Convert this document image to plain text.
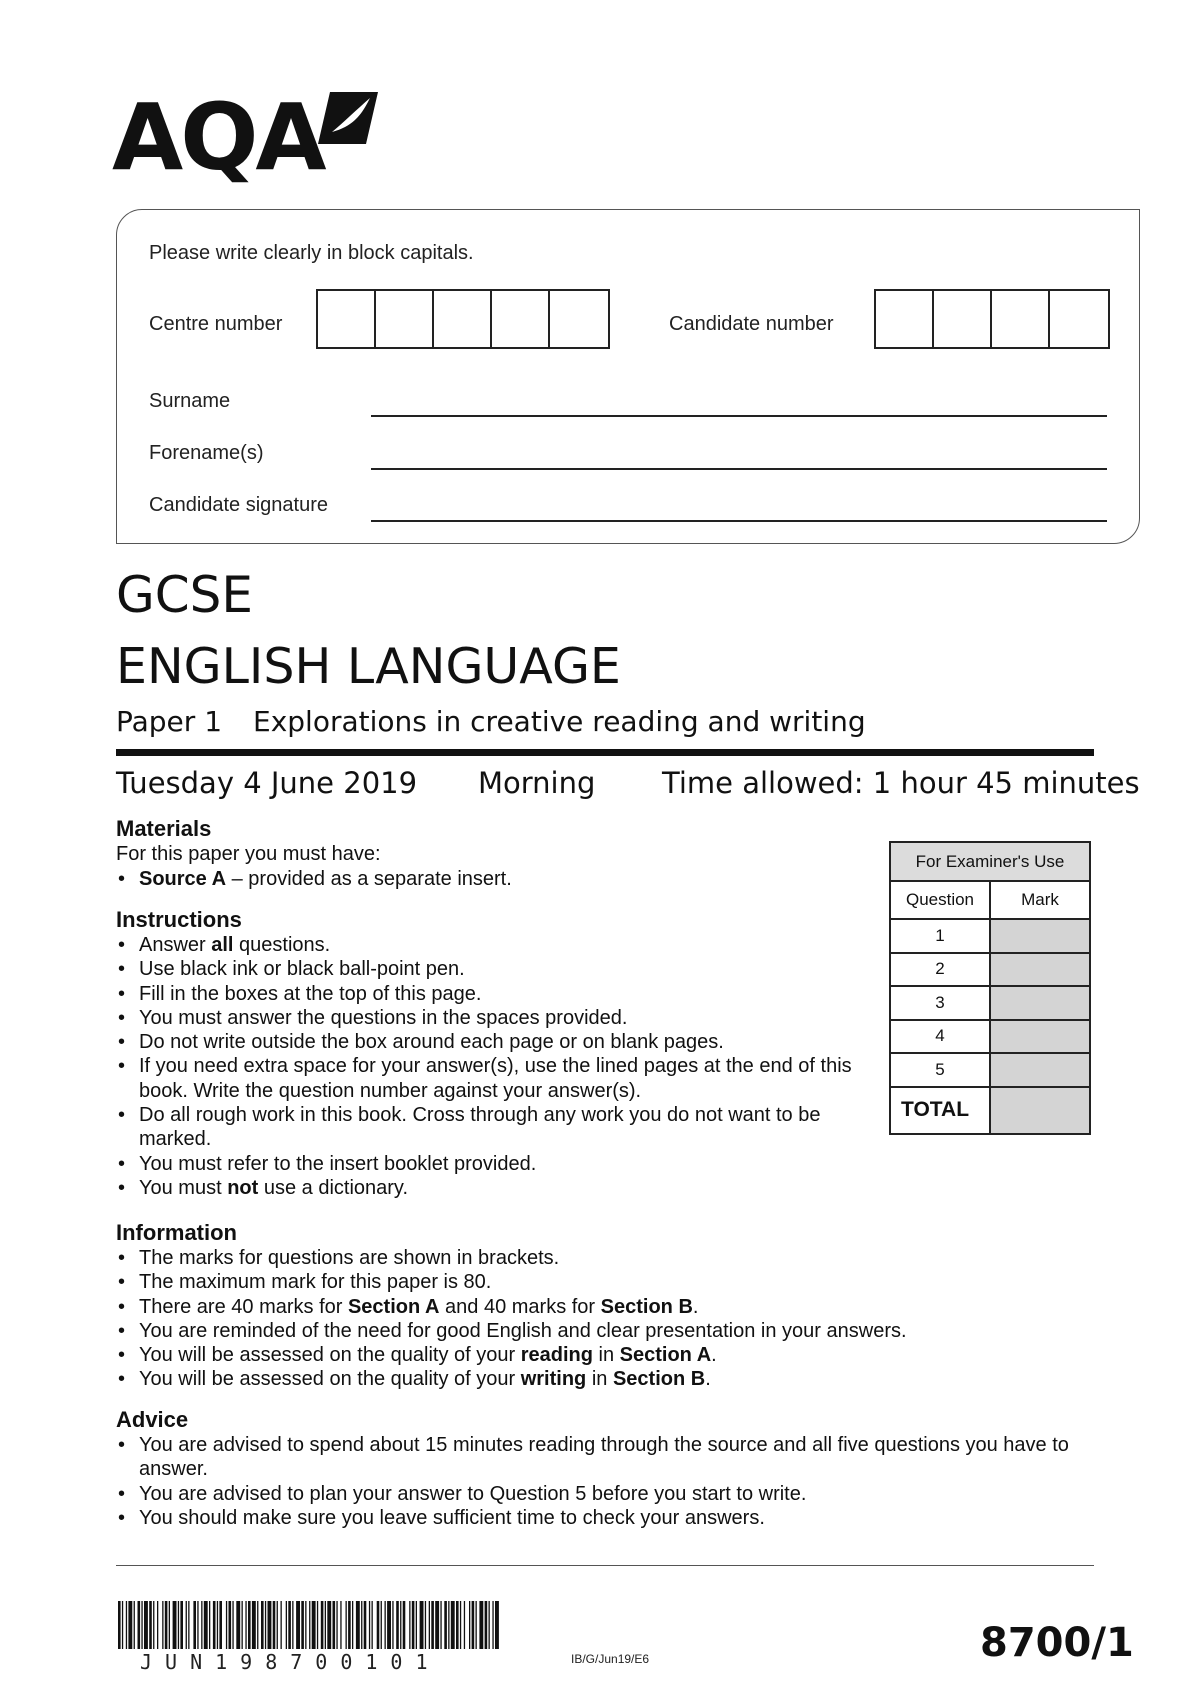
AQA
Please write clearly in block capitals.
Centre number	Candidate number
Surname
Forename(s)
Candidate signature
GCSE
ENGLISH LANGUAGE
Paper 1 Explorations in creative reading and writing
Tuesday 4 June 2019 Morning Time allowed: 1 hour 45 minutes
Materials
For this paper you must have:
• Source A – provided as a separate insert.
Instructions
• Answer all questions.
• Use black ink or black ball-point pen.
• Fill in the boxes at the top of this page.
• You must answer the questions in the spaces provided.
• Do not write outside the box around each page or on blank pages.
• If you need extra space for your answer(s), use the lined pages at the end of this book. Write the question number against your answer(s).
• Do all rough work in this book. Cross through any work you do not want to be marked.
• You must refer to the insert booklet provided.
• You must not use a dictionary.
For Examiner's Use
Question	Mark
1
2
3
4
5
TOTAL
Information
• The marks for questions are shown in brackets.
• The maximum mark for this paper is 80.
• There are 40 marks for Section A and 40 marks for Section B.
• You are reminded of the need for good English and clear presentation in your answers.
• You will be assessed on the quality of your reading in Section A.
• You will be assessed on the quality of your writing in Section B.
Advice
• You are advised to spend about 15 minutes reading through the source and all five questions you have to answer.
• You are advised to plan your answer to Question 5 before you start to write.
• You should make sure you leave sufficient time to check your answers.
JUN198700101	IB/G/Jun19/E6	8700/1
